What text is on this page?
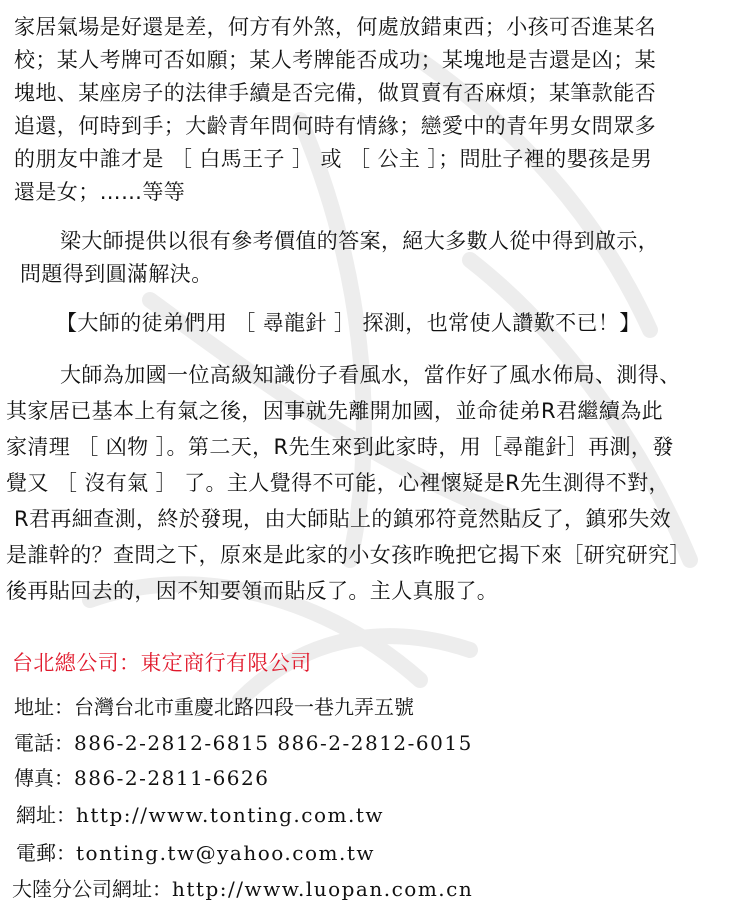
家居氣場是好還是差，何方有外煞，何處放錯東西；小孩可否進某名
校；某人考牌可否如願；某人考牌能否成功；某塊地是吉還是凶；某
塊地、某座房子的法律手續是否完備，做買賣有否麻煩；某筆款能否
追還，何時到手；大齡青年問何時有情緣；戀愛中的青年男女問眾多
的朋友中誰才是 ［ 白馬王子 ］ 或 ［ 公主 ］；問肚子裡的嬰孩是男
還是女；……等等
梁大師提供以很有參考價值的答案，絕大多數人從中得到啟示，
問題得到圓滿解決。
【大師的徒弟們用 ［ 尋龍針 ］ 探測，也常使人讚歎不已！】
大師為加國一位高級知識份子看風水，當作好了風水佈局、測得、
其家居已基本上有氣之後，因事就先離開加國，並命徒弟R君繼續為此
家清理 ［ 凶物 ］。第二天，R先生來到此家時，用［尋龍針］再測，發
覺又 ［ 沒有氣 ］ 了。主人覺得不可能，心裡懷疑是R先生測得不對，
R君再細查測，終於發現，由大師貼上的鎮邪符竟然貼反了，鎮邪失效
是誰幹的？查問之下，原來是此家的小女孩昨晚把它揭下來［研究研究］
後再貼回去的，因不知要領而貼反了。主人真服了。
台北總公司：東定商行有限公司
地址：台灣台北市重慶北路四段一巷九弄五號
電話：886-2-2812-6815 886-2-2812-6015
傳真：886-2-2811-6626
網址：http://www.tonting.com.tw
電郵：tonting.tw@yahoo.com.tw
大陸分公司網址：http://www.luopan.com.cn
